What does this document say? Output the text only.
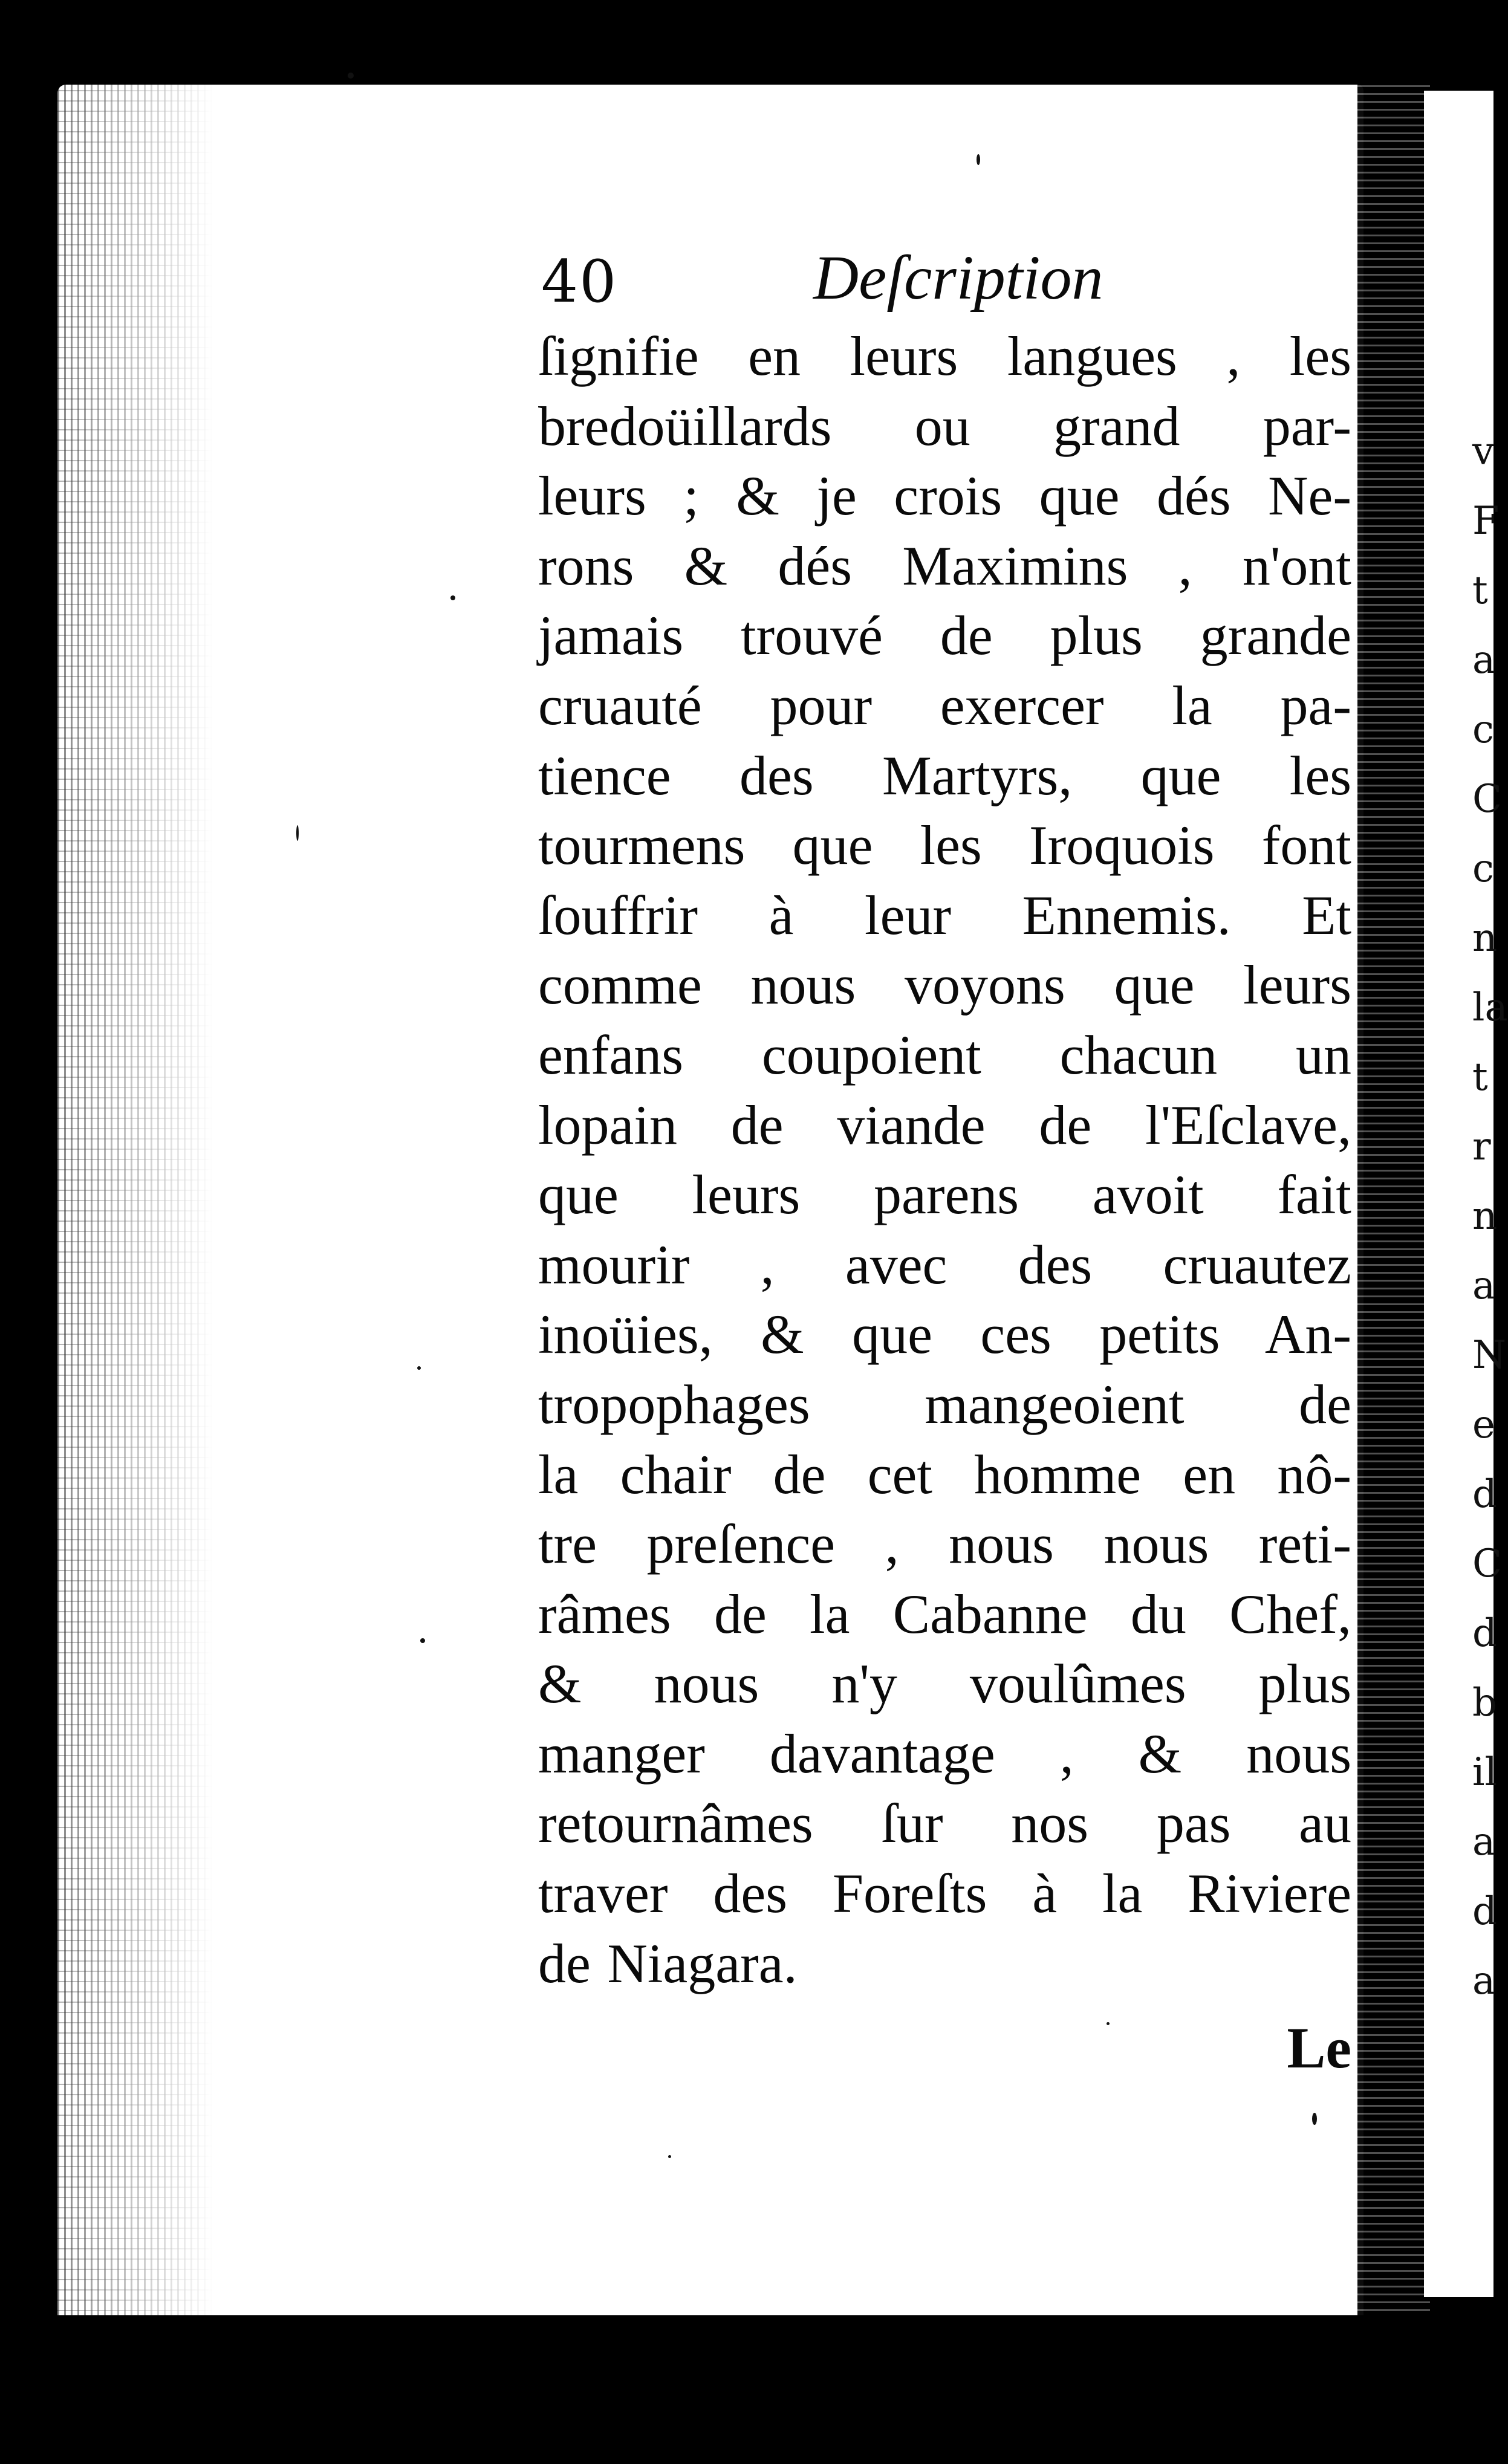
v
F
t
a
c
C
c
n
la
t
r
n
a
N
e
d
C
d
b
il
a
d
a
40	Deſcription
ſignifie en leurs langues , les
bredoüillards ou grand par-
leurs ; & je crois que dés Ne-
rons & dés Maximins , n'ont
jamais trouvé de plus grande
cruauté pour exercer la pa-
tience des Martyrs, que les
tourmens que les Iroquois font
ſouffrir à leur Ennemis. Et
comme nous voyons que leurs
enfans coupoient chacun un
lopain de viande de l'Eſclave,
que leurs parens avoit fait
mourir , avec des cruautez
inoüies, & que ces petits An-
tropophages mangeoient de
la chair de cet homme en nô-
tre preſence , nous nous reti-
râmes de la Cabanne du Chef,
& nous n'y voulûmes plus
manger davantage , & nous
retournâmes ſur nos pas au
traver des Foreſts à la Riviere
de Niagara.
Le
